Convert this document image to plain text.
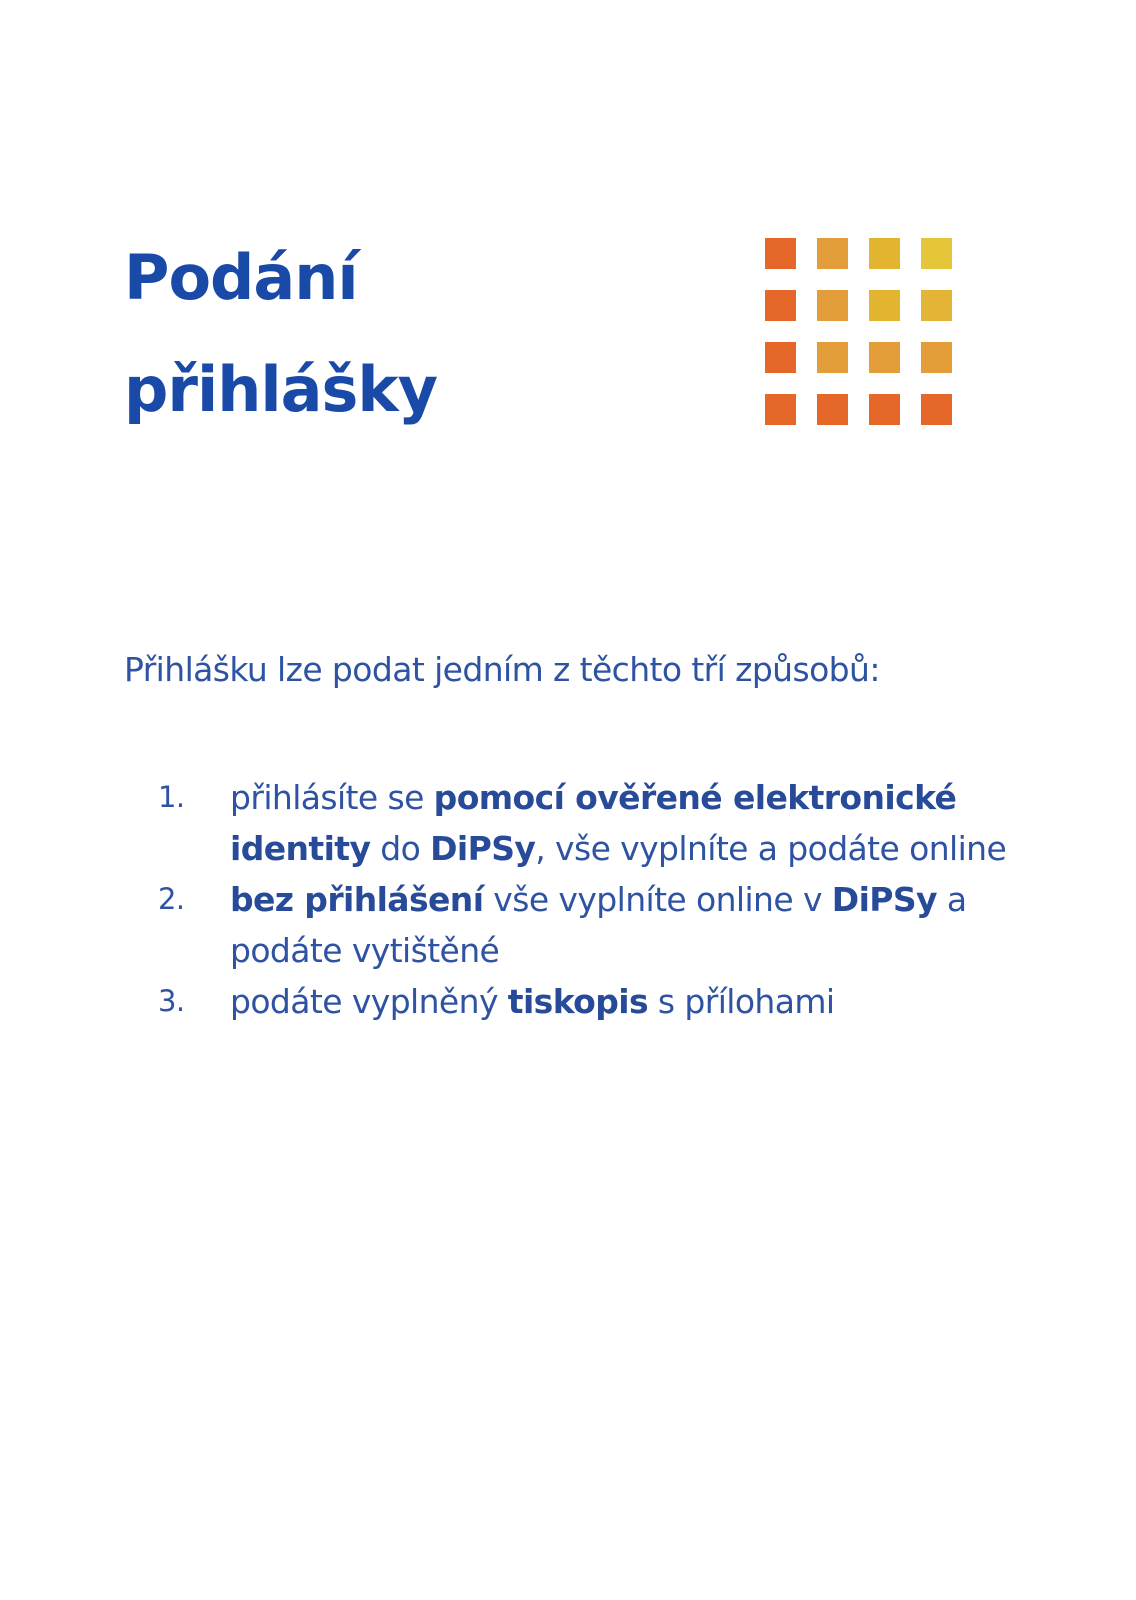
Podání
přihlášky

Přihlášku lze podat jedním z těchto tří způsobů:

1. přihlásíte se pomocí ověřené elektronické identity do DiPSy, vše vyplníte a podáte online
2. bez přihlášení vše vyplníte online v DiPSy a podáte vytištěné
3. podáte vyplněný tiskopis s přílohami
